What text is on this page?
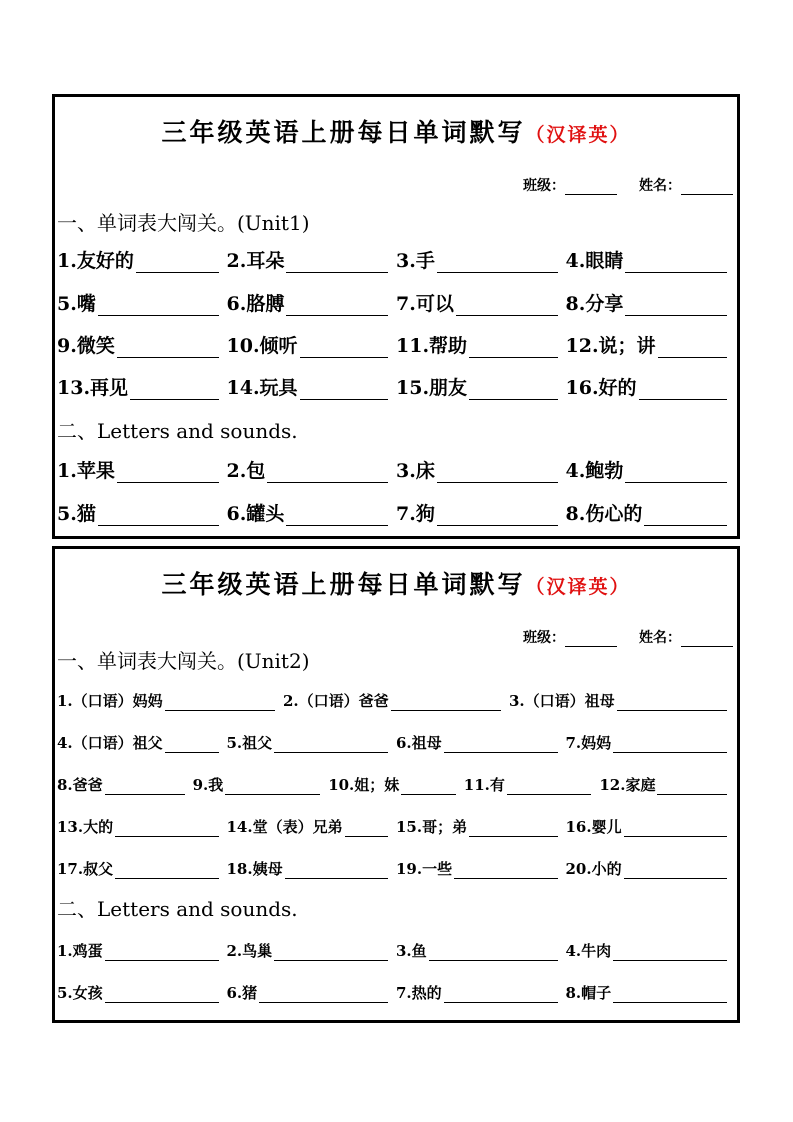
三年级英语上册每日单词默写（汉译英）
班级：	姓名：
一、单词表大闯关。(Unit1)
1.友好的	2.耳朵	3.手	4.眼睛
5.嘴	6.胳膊	7.可以	8.分享
9.微笑	10.倾听	11.帮助	12.说；讲
13.再见	14.玩具	15.朋友	16.好的
二、Letters and sounds.
1.苹果	2.包	3.床	4.鲍勃
5.猫	6.罐头	7.狗	8.伤心的
三年级英语上册每日单词默写（汉译英）
班级：	姓名：
一、单词表大闯关。(Unit2)
1.（口语）妈妈	2.（口语）爸爸	3.（口语）祖母
4.（口语）祖父	5.祖父	6.祖母	7.妈妈
8.爸爸	9.我	10.姐；妹	11.有	12.家庭
13.大的	14.堂（表）兄弟	15.哥；弟	16.婴儿
17.叔父	18.姨母	19.一些	20.小的
二、Letters and sounds.
1.鸡蛋	2.鸟巢	3.鱼	4.牛肉
5.女孩	6.猪	7.热的	8.帽子
